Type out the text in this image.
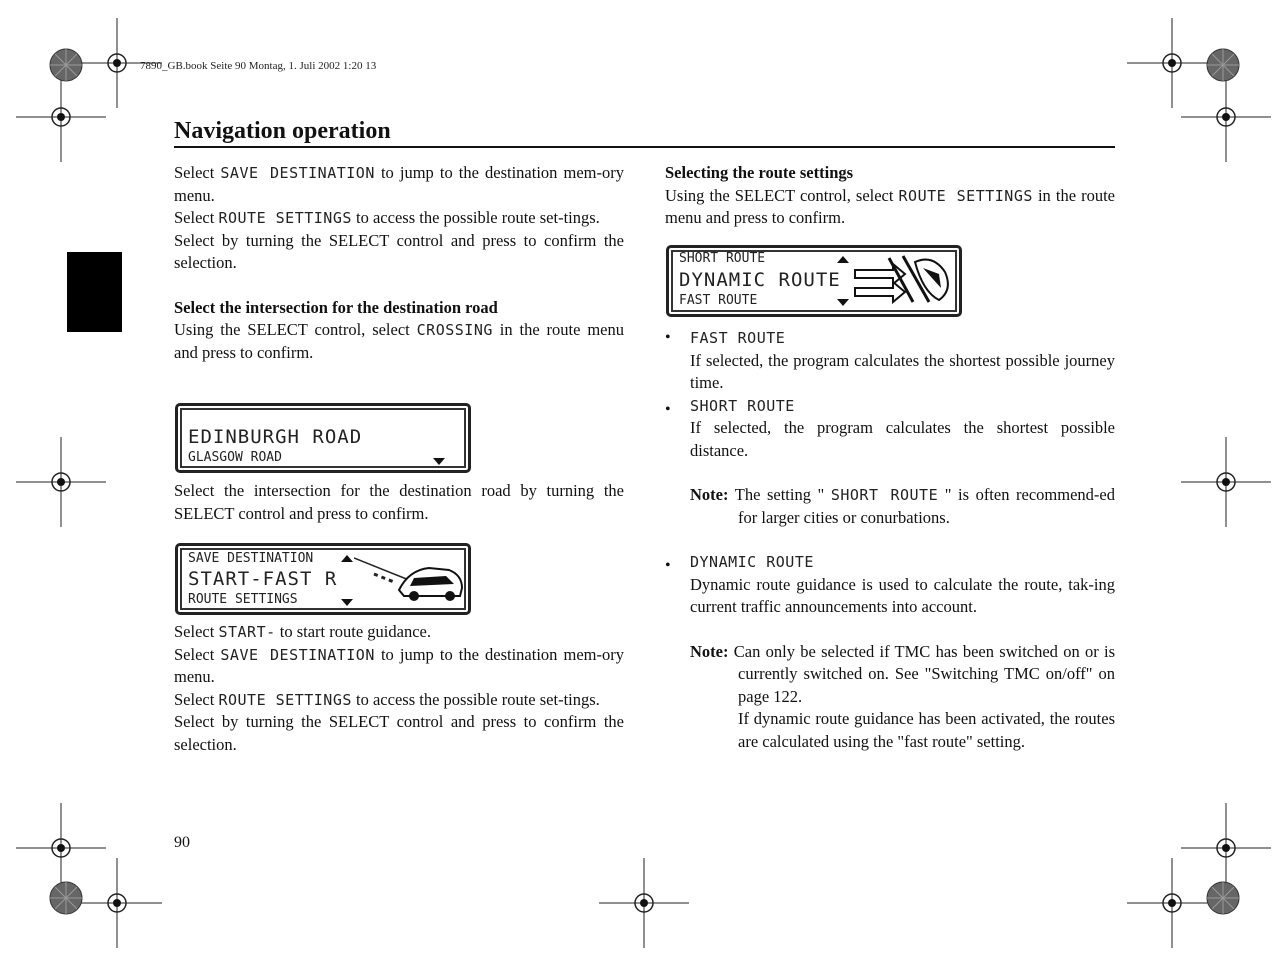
7890_GB.book Seite 90 Montag, 1. Juli 2002 1:20 13
Navigation operation

Select SAVE DESTINATION to jump to the destination mem-ory menu.

Select ROUTE SETTINGS to access the possible route set-tings.

Select by turning the SELECT control and press to confirm the selection.

Select the intersection for the destination road

Using the SELECT control, select CROSSING in the route menu and press to confirm.

EDINBURGH ROAD
GLASGOW ROAD

Select the intersection for the destination road by turning the SELECT control and press to confirm.

SAVE DESTINATION
START-FAST R
ROUTE SETTINGS

Select START- to start route guidance.

Select SAVE DESTINATION to jump to the destination mem-ory menu.

Select ROUTE SETTINGS to access the possible route set-tings.

Select by turning the SELECT control and press to confirm the selection.

Selecting the route settings

Using the SELECT control, select ROUTE SETTINGS in the route menu and press to confirm.

SHORT ROUTE
DYNAMIC ROUTE
FAST ROUTE
FAST ROUTE

If selected, the program calculates the shortest possible journey time.

SHORT ROUTE

If selected, the program calculates the shortest possible distance.

Note: The setting " SHORT ROUTE " is often recommend-ed for larger cities or conurbations.

DYNAMIC ROUTE

Dynamic route guidance is used to calculate the route, tak-ing current traffic announcements into account.

Note: Can only be selected if TMC has been switched on or is currently switched on. See "Switching TMC on/off" on page 122.

If dynamic route guidance has been activated, the routes are calculated using the "fast route" setting.

•
•
•
90
